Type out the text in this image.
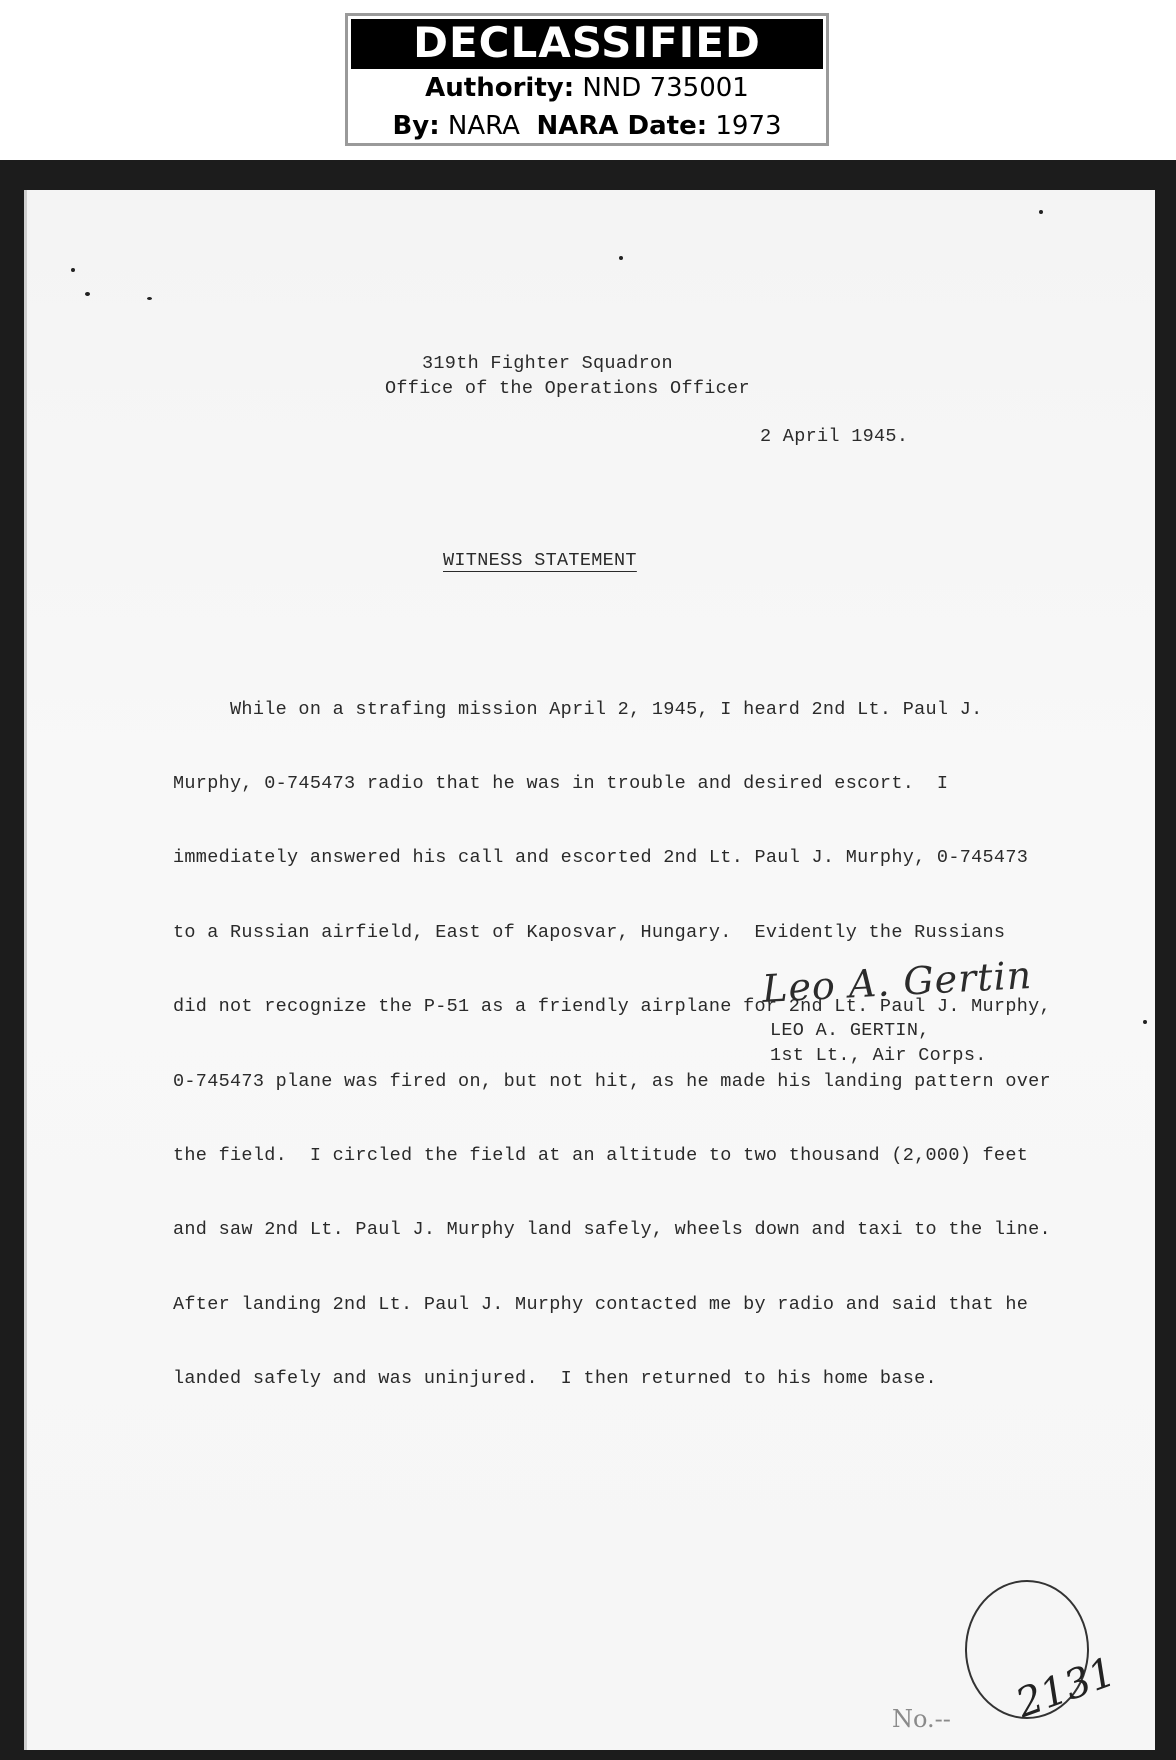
DECLASSIFIED
Authority: NND 735001
By: NARA NARA Date: 1973
319th Fighter Squadron
Office of the Operations Officer
2 April 1945.
WITNESS STATEMENT

While on a strafing mission April 2, 1945, I heard 2nd Lt. Paul J.

Murphy, 0-745473 radio that he was in trouble and desired escort.  I

immediately answered his call and escorted 2nd Lt. Paul J. Murphy, 0-745473

to a Russian airfield, East of Kaposvar, Hungary.  Evidently the Russians

did not recognize the P-51 as a friendly airplane for 2nd Lt. Paul J. Murphy,

0-745473 plane was fired on, but not hit, as he made his landing pattern over

the field.  I circled the field at an altitude to two thousand (2,000) feet

and saw 2nd Lt. Paul J. Murphy land safely, wheels down and taxi to the line.

After landing 2nd Lt. Paul J. Murphy contacted me by radio and said that he

landed safely and was uninjured.  I then returned to his home base.

Leo A. Gertin
LEO A. GERTIN,
1st Lt., Air Corps.
No.-- 2131
